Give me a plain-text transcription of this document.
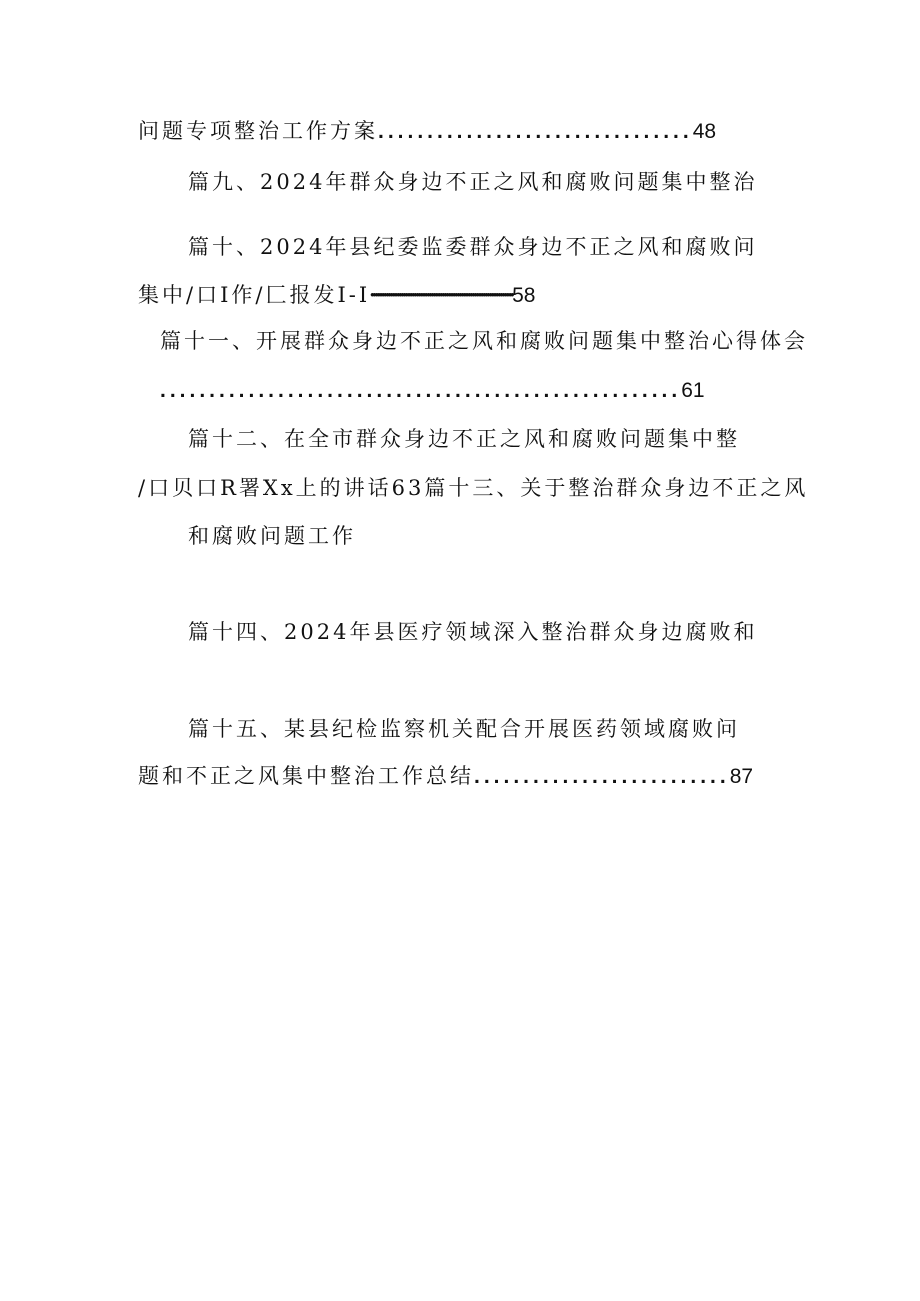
问题专项整治工作方案................................48
篇九、2024年群众身边不正之风和腐败问题集中整治
篇十、2024年县纪委监委群众身边不正之风和腐败问
集中/口I作/匚报发I-I••••••••••••••••••••••••••••••••••••••••••••••••••••••••••••••••••58
篇十一、开展群众身边不正之风和腐败问题集中整治心得体会
.....................................................61
篇十二、在全市群众身边不正之风和腐败问题集中整
/口贝口R署Xx上的讲话63篇十三、关于整治群众身边不正之风
和腐败问题工作
篇十四、2024年县医疗领域深入整治群众身边腐败和
篇十五、某县纪检监察机关配合开展医药领域腐败问
题和不正之风集中整治工作总结..........................87
